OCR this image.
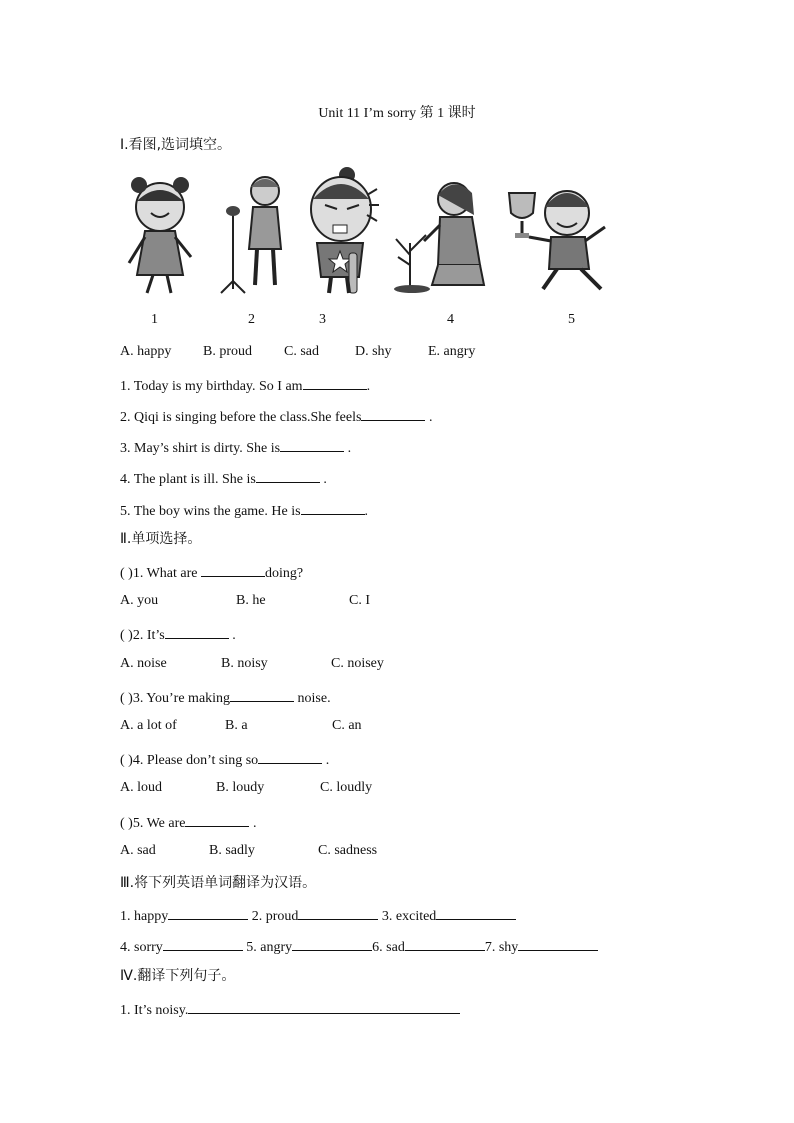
Unit 11 I’m sorry 第 1 课时
Ⅰ.看图,选词填空。
1	2	3	4	5
A. happy B. proud C. sad	D. shy	E. angry
1. Today is my birthday. So I am	.
2. Qiqi is singing before the class.She feels	.
3. May’s shirt is dirty. She is	.
4. The plant is ill. She is	.
5. The boy wins the game. He is	.
Ⅱ.单项选择。
( )1. What are	doing?
A. you	B. he	C. I
( )2. It’s	.
A. noise	B. noisy	C. noisey
( )3. You’re making	noise.
A. a lot of	B. a	C. an
( )4. Please don’t sing so	.
A. loud	B. loudy	C. loudly
( )5. We are	.
A. sad	B. sadly	C. sadness
Ⅲ.将下列英语单词翻译为汉语。
1. happy	2. proud	3. excited
4. sorry	5. angry	6. sad	7. shy
Ⅳ.翻译下列句子。
1. It’s noisy.
